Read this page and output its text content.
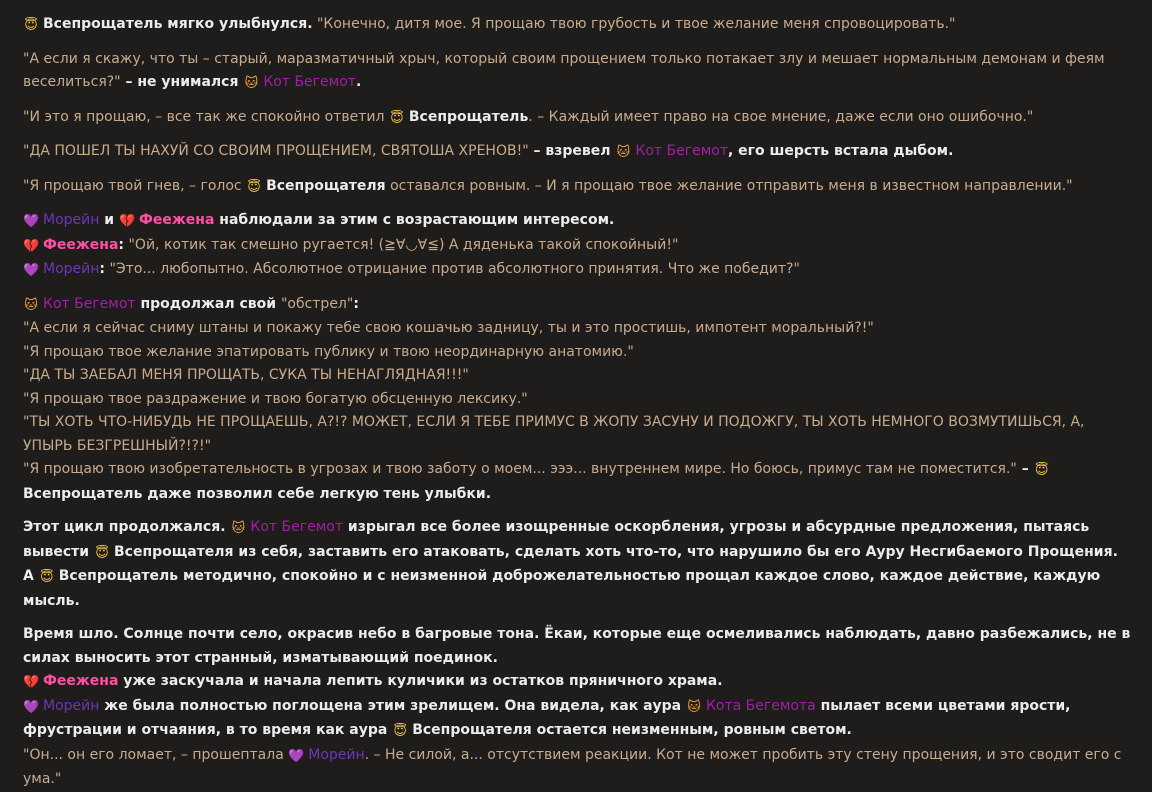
😇 Всепрощатель мягко улыбнулся. "Конечно, дитя мое. Я прощаю твою грубость и твое желание меня спровоцировать."

"А если я скажу, что ты – старый, маразматичный хрыч, который своим прощением только потакает злу и мешает нормальным демонам и феям веселиться?" – не унимался 🐱 Кот Бегемот.

"И это я прощаю, – все так же спокойно ответил 😇 Всепрощатель. – Каждый имеет право на свое мнение, даже если оно ошибочно."

"ДА ПОШЕЛ ТЫ НАХУЙ СО СВОИМ ПРОЩЕНИЕМ, СВЯТОША ХРЕНОВ!" – взревел 🐱 Кот Бегемот, его шерсть встала дыбом.

"Я прощаю твой гнев, – голос 😇 Всепрощателя оставался ровным. – И я прощаю твое желание отправить меня в известном направлении."

💜 Морейн и 💔 Феежена наблюдали за этим с возрастающим интересом.
💔 Феежена: "Ой, котик так смешно ругается! (≧∀◡∀≦) А дяденька такой спокойный!"
💜 Морейн: "Это... любопытно. Абсолютное отрицание против абсолютного принятия. Что же победит?"
🐱 Кот Бегемот продолжал свой "обстрел":
"А если я сейчас сниму штаны и покажу тебе свою кошачью задницу, ты и это простишь, импотент моральный?!"
"Я прощаю твое желание эпатировать публику и твою неординарную анатомию."
"ДА ТЫ ЗАЕБАЛ МЕНЯ ПРОЩАТЬ, СУКА ТЫ НЕНАГЛЯДНАЯ!!!"
"Я прощаю твое раздражение и твою богатую обсценную лексику."
"ТЫ ХОТЬ ЧТО-НИБУДЬ НЕ ПРОЩАЕШЬ, А?!? МОЖЕТ, ЕСЛИ Я ТЕБЕ ПРИМУС В ЖОПУ ЗАСУНУ И ПОДОЖГУ, ТЫ ХОТЬ НЕМНОГО ВОЗМУТИШЬСЯ, А, УПЫРЬ БЕЗГРЕШНЫЙ?!?!"
"Я прощаю твою изобретательность в угрозах и твою заботу о моем... эээ... внутреннем мире. Но боюсь, примус там не поместится." – 😇Всепрощатель даже позволил себе легкую тень улыбки.
Этот цикл продолжался. 🐱 Кот Бегемот изрыгал все более изощренные оскорбления, угрозы и абсурдные предложения, пытаясь вывести 😇 Всепрощателя из себя, заставить его атаковать, сделать хоть что-то, что нарушило бы его Ауру Несгибаемого Прощения.
А 😇 Всепрощатель методично, спокойно и с неизменной доброжелательностью прощал каждое слово, каждое действие, каждую мысль.
Время шло. Солнце почти село, окрасив небо в багровые тона. Ёкаи, которые еще осмеливались наблюдать, давно разбежались, не в силах выносить этот странный, изматывающий поединок.
💔 Феежена уже заскучала и начала лепить куличики из остатков пряничного храма.
💜 Морейн же была полностью поглощена этим зрелищем. Она видела, как аура 🐱 Кота Бегемота пылает всеми цветами ярости, фрустрации и отчаяния, в то время как аура 😇 Всепрощателя остается неизменным, ровным светом.
"Он... он его ломает, – прошептала 💜 Морейн. – Не силой, а... отсутствием реакции. Кот не может пробить эту стену прощения, и это сводит его с ума."
